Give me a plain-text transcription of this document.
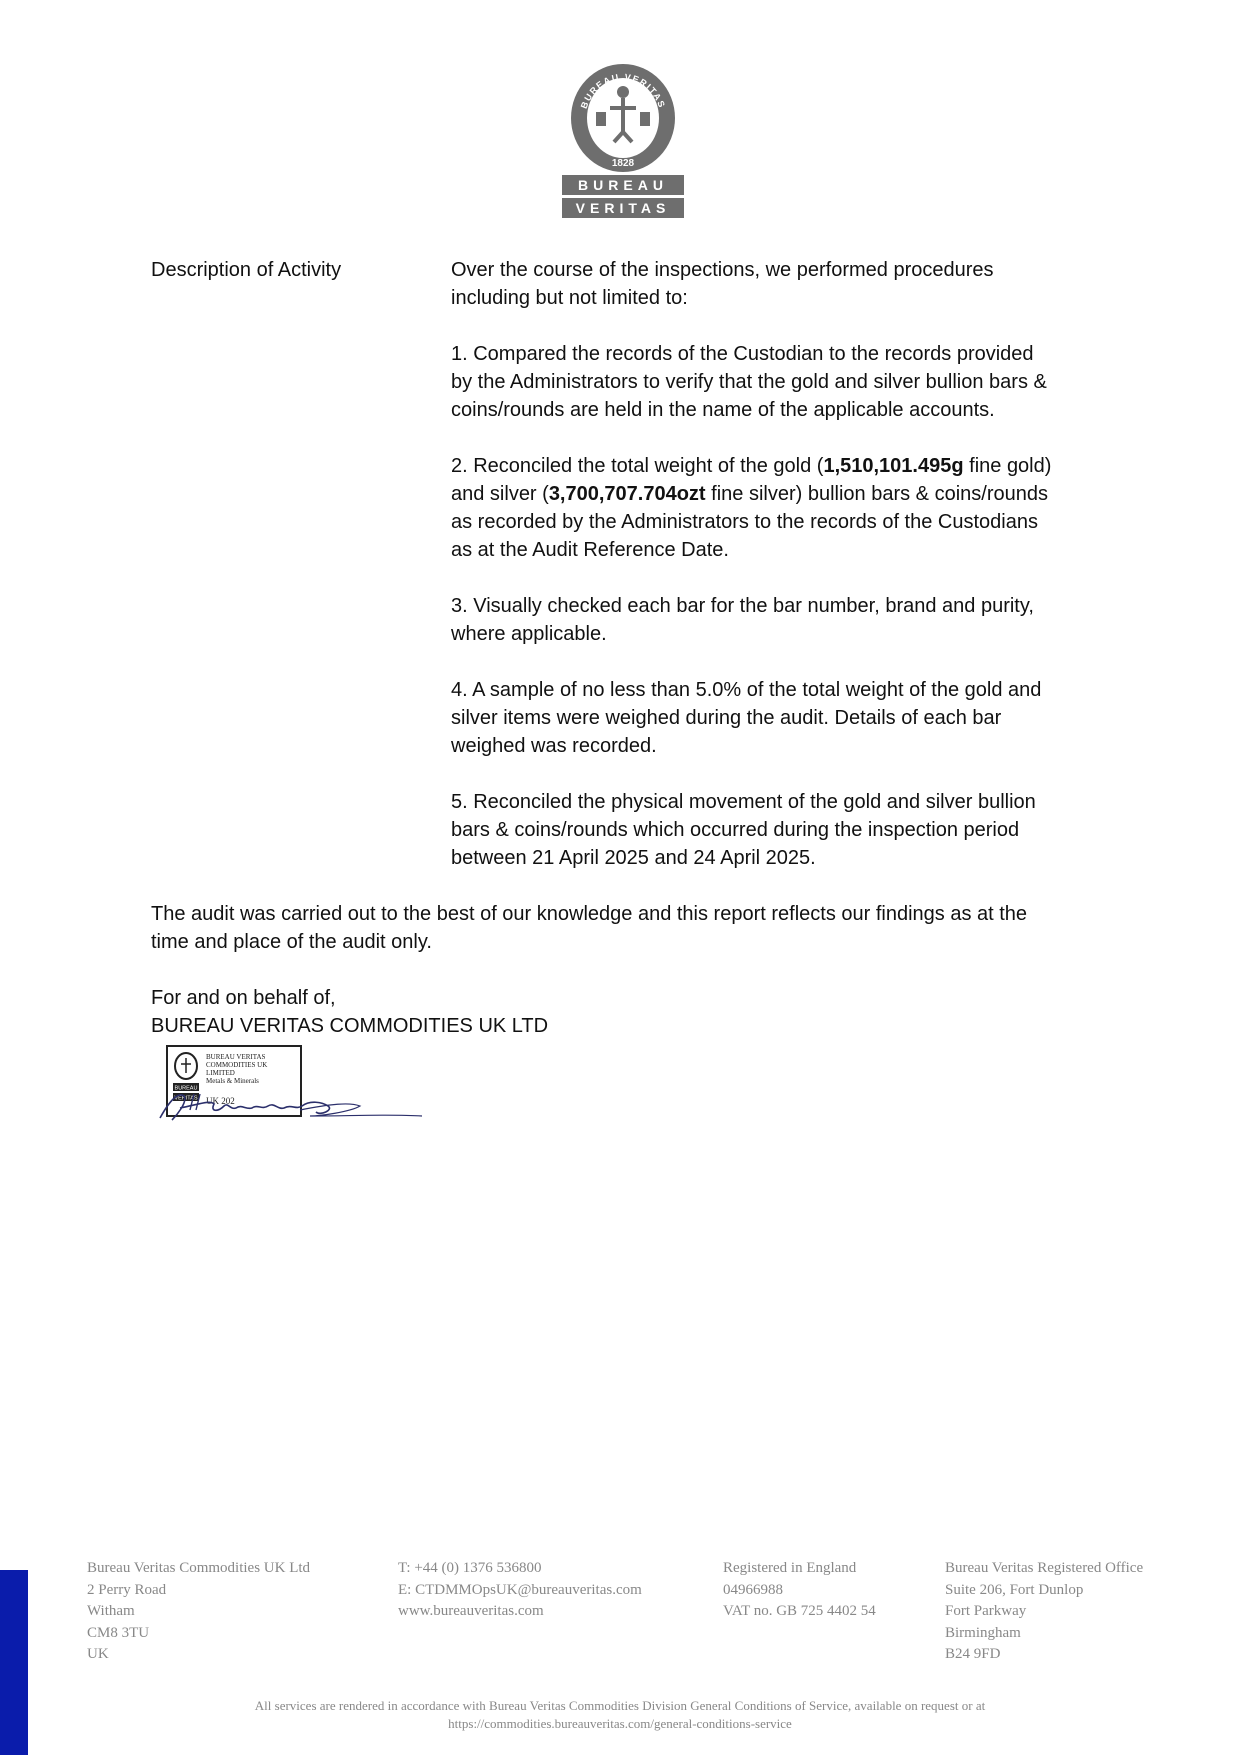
BUREAU VERITAS
1828
BUREAU
VERITAS
Description of Activity	Over the course of the inspections, we performed procedures
including but not limited to:

1. Compared the records of the Custodian to the records provided
by the Administrators to verify that the gold and silver bullion bars &
coins/rounds are held in the name of the applicable accounts.

2. Reconciled the total weight of the gold (1,510,101.495g fine gold)
and silver (3,700,707.704ozt fine silver) bullion bars & coins/rounds
as recorded by the Administrators to the records of the Custodians
as at the Audit Reference Date.

3. Visually checked each bar for the bar number, brand and purity,
where applicable.

4. A sample of no less than 5.0% of the total weight of the gold and
silver items were weighed during the audit. Details of each bar
weighed was recorded.

5. Reconciled the physical movement of the gold and silver bullion
bars & coins/rounds which occurred during the inspection period
between 21 April 2025 and 24 April 2025.

The audit was carried out to the best of our knowledge and this report reflects our findings as at the
time and place of the audit only.

For and on behalf of,

BUREAU VERITAS COMMODITIES UK LTD

BUREAU
VERITAS
BUREAU VERITAS
COMMODITIES UK
LIMITED
Metals & Minerals
UK 202
Bureau Veritas Commodities UK Ltd
2 Perry Road
Witham
CM8 3TU
UK
T: +44 (0) 1376 536800
E: CTDMMOpsUK@bureauveritas.com
www.bureauveritas.com
Registered in England
04966988
VAT no. GB 725 4402 54
Bureau Veritas Registered Office
Suite 206, Fort Dunlop
Fort Parkway
Birmingham
B24 9FD
All services are rendered in accordance with Bureau Veritas Commodities Division General Conditions of Service, available on request or at
https://commodities.bureauveritas.com/general-conditions-service
